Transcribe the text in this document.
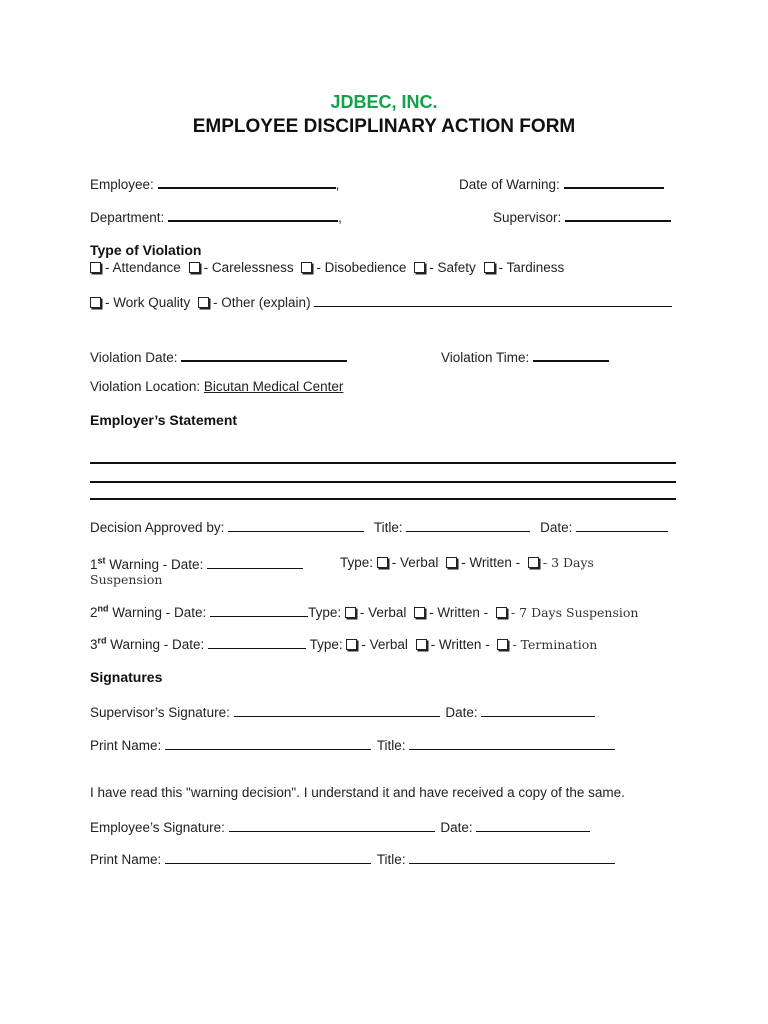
JDBEC, INC.
EMPLOYEE DISCIPLINARY ACTION FORM
Employee:	,	Date of Warning:
Department:	,	Supervisor:
Type of Violation
- Attendance - Carelessness - Disobedience - Safety - Tardiness
- Work Quality - Other (explain)
Violation Date:	Violation Time:
Violation Location: Bicutan Medical Center
Employer’s Statement
Decision Approved by:	Title:	Date:
1st Warning - Date:	Type: - Verbal - Written - - 3 Days
Suspension
2nd Warning - Date:	Type: - Verbal - Written - - 7 Days Suspension
3rd Warning - Date:	Type: - Verbal - Written - - Termination
Signatures
Supervisor’s Signature:	Date:
Print Name:	Title:
I have read this "warning decision". I understand it and have received a copy of the same.
Employee’s Signature:	Date:
Print Name:	Title:
